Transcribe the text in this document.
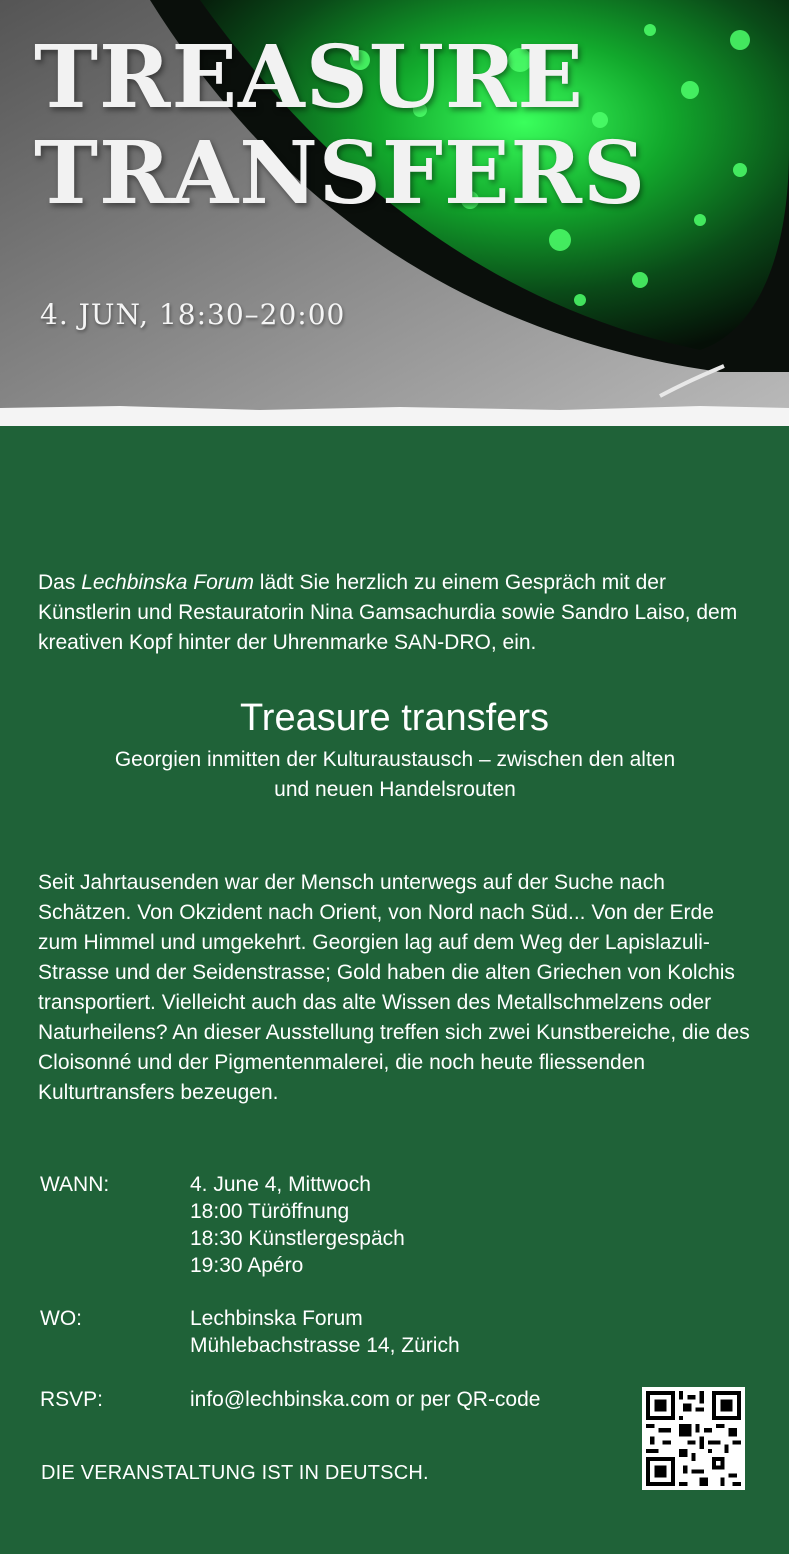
TREASURE
TRANSFERS
4. JUN, 18:30–20:00

Das Lechbinska Forum lädt Sie herzlich zu einem Gespräch mit der Künstlerin und Restauratorin Nina Gamsachurdia sowie Sandro Laiso, dem kreativen Kopf hinter der Uhrenmarke SAN-DRO, ein.

Treasure transfers

Georgien inmitten der Kulturaustausch – zwischen den alten und neuen Handelsrouten

Seit Jahrtausenden war der Mensch unterwegs auf der Suche nach Schätzen. Von Okzident nach Orient, von Nord nach Süd... Von der Erde zum Himmel und umgekehrt. Georgien lag auf dem Weg der Lapislazuli-Strasse und der Seidenstrasse; Gold haben die alten Griechen von Kolchis transportiert. Vielleicht auch das alte Wissen des Metallschmelzens oder Naturheilens? An dieser Ausstellung treffen sich zwei Kunstbereiche, die des Cloisonné und der Pigmentenmalerei, die noch heute fliessenden Kulturtransfers bezeugen.

WANN:	4. June 4, Mittwoch
18:00 Türöffnung
18:30 Künstlergespäch
19:30 Apéro
WO:	Lechbinska Forum
Mühlebachstrasse 14, Zürich
RSVP:	info@lechbinska.com or per QR-code
DIE VERANSTALTUNG IST IN DEUTSCH.
